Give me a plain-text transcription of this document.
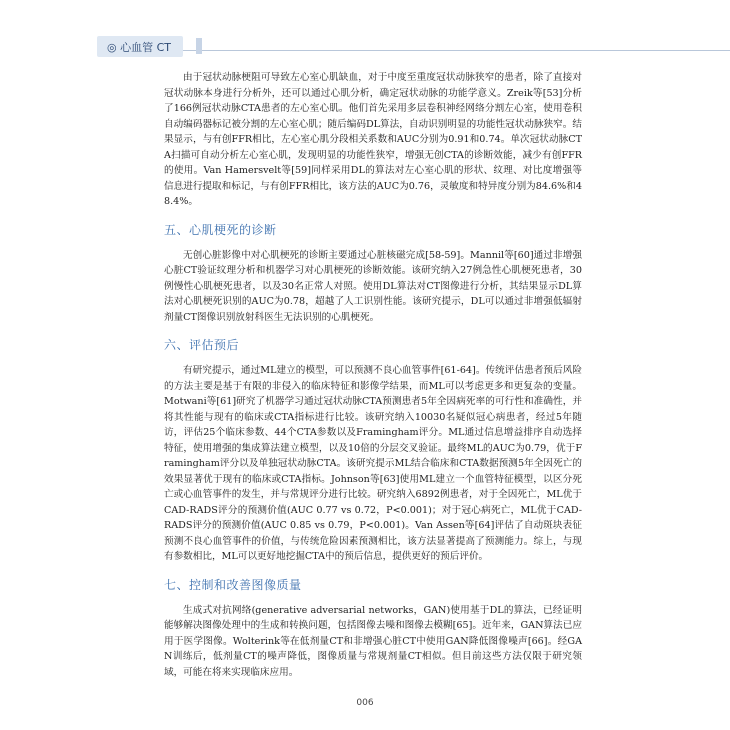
◎ 心血管 CT

由于冠状动脉梗阻可导致左心室心肌缺血，对于中度至重度冠状动脉狭窄的患者，除了直接对冠状动脉本身进行分析外，还可以通过心肌分析，确定冠状动脉的功能学意义。Zreik等[53]分析了166例冠状动脉CTA患者的左心室心肌。他们首先采用多层卷积神经网络分割左心室，使用卷积自动编码器标记被分割的左心室心肌；随后编码DL算法，自动识别明显的功能性冠状动脉狭窄。结果显示，与有创FFR相比，左心室心肌分段相关系数和AUC分别为0.91和0.74。单次冠状动脉CTA扫描可自动分析左心室心肌，发现明显的功能性狭窄，增强无创CTA的诊断效能，减少有创FFR的使用。Van Hamersvelt等[59]同样采用DL的算法对左心室心肌的形状、纹理、对比度增强等信息进行提取和标记，与有创FFR相比，该方法的AUC为0.76，灵敏度和特异度分别为84.6%和48.4%。

五、心肌梗死的诊断

无创心脏影像中对心肌梗死的诊断主要通过心脏核磁完成[58-59]。Mannil等[60]通过非增强心脏CT验证纹理分析和机器学习对心肌梗死的诊断效能。该研究纳入27例急性心肌梗死患者，30例慢性心肌梗死患者，以及30名正常人对照。使用DL算法对CT图像进行分析，其结果显示DL算法对心肌梗死识别的AUC为0.78，超越了人工识别性能。该研究提示，DL可以通过非增强低辐射剂量CT图像识别放射科医生无法识别的心肌梗死。

六、评估预后

有研究提示，通过ML建立的模型，可以预测不良心血管事件[61-64]。传统评估患者预后风险的方法主要是基于有限的非侵入的临床特征和影像学结果，而ML可以考虑更多和更复杂的变量。Motwani等[61]研究了机器学习通过冠状动脉CTA预测患者5年全因病死率的可行性和准确性，并将其性能与现有的临床或CTA指标进行比较。该研究纳入10030名疑似冠心病患者，经过5年随访，评估25个临床参数、44个CTA参数以及Framingham评分。ML通过信息增益排序自动选择特征，使用增强的集成算法建立模型，以及10倍的分层交叉验证。最终ML的AUC为0.79，优于Framingham评分以及单独冠状动脉CTA。该研究提示ML结合临床和CTA数据预测5年全因死亡的效果显著优于现有的临床或CTA指标。Johnson等[63]使用ML建立一个血管特征模型，以区分死亡或心血管事件的发生，并与常规评分进行比较。研究纳入6892例患者，对于全因死亡，ML优于CAD-RADS评分的预测价值(AUC 0.77 vs 0.72，P<0.001)；对于冠心病死亡，ML优于CAD-RADS评分的预测价值(AUC 0.85 vs 0.79，P<0.001)。Van Assen等[64]评估了自动斑块表征预测不良心血管事件的价值，与传统危险因素预测相比，该方法显著提高了预测能力。综上，与现有参数相比，ML可以更好地挖掘CTA中的预后信息，提供更好的预后评价。

七、控制和改善图像质量

生成式对抗网络(generative adversarial networks，GAN)使用基于DL的算法，已经证明能够解决图像处理中的生成和转换问题，包括图像去噪和图像去模糊[65]。近年来，GAN算法已应用于医学图像。Wolterink等在低剂量CT和非增强心脏CT中使用GAN降低图像噪声[66]。经GAN训练后，低剂量CT的噪声降低，图像质量与常规剂量CT相似。但目前这些方法仅限于研究领域，可能在将来实现临床应用。

006
